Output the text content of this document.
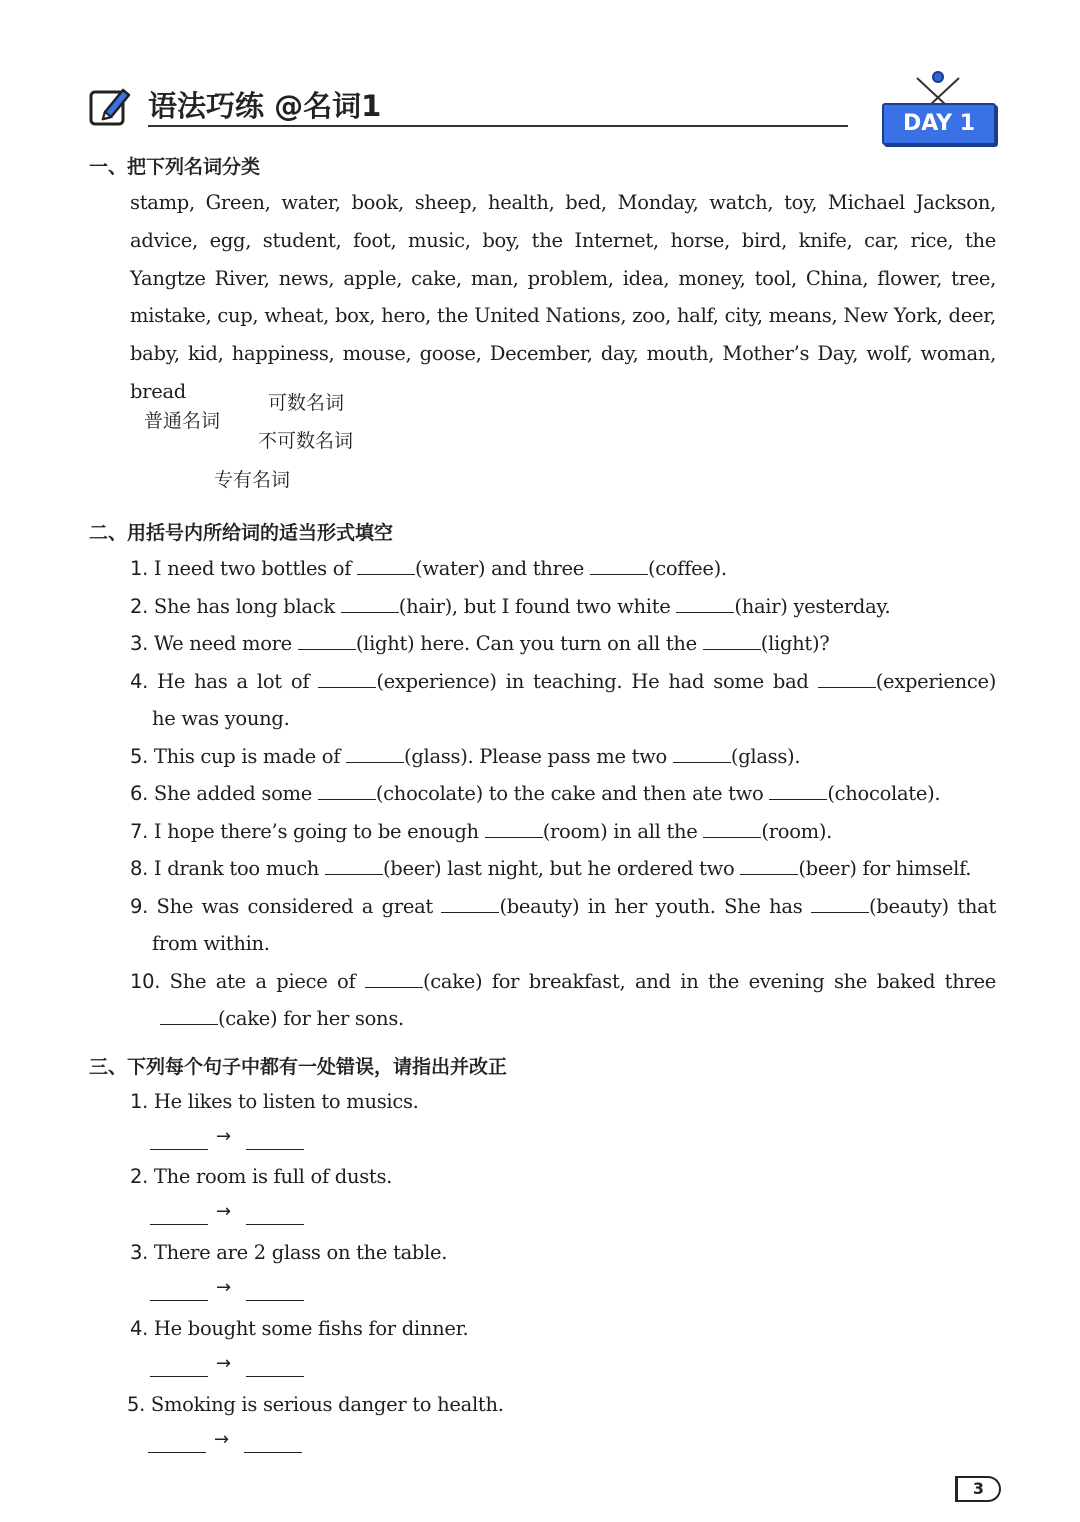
语法巧练 @名词1
DAY 1
一、把下列名词分类

stamp, Green, water, book, sheep, health, bed, Monday, watch, toy, Michael Jackson, advice, egg, student, foot, music, boy, the Internet, horse, bird, knife, car, rice, the Yangtze River, news, apple, cake, man, problem, idea, money, tool, China, flower, tree, mistake, cup, wheat, box, hero, the United Nations, zoo, half, city, means, New York, deer, baby, kid, happiness, mouse, goose, December, day, mouth, Mother’s Day, wolf, woman, bread

普通名词
可数名词
不可数名词
专有名词
二、用括号内所给词的适当形式填空

1. I need two bottles of	(water) and three	(coffee).

2. She has long black	(hair), but I found two white	(hair) yesterday.

3. We need more	(light) here. Can you turn on all the	(light)?

4. He has a lot of	(experience) in teaching. He had some bad	(experience)

he was young.

5. This cup is made of	(glass). Please pass me two	(glass).

6. She added some	(chocolate) to the cake and then ate two	(chocolate).

7. I hope there’s going to be enough	(room) in all the	(room).

8. I drank too much	(beer) last night, but he ordered two	(beer) for himself.

9. She was considered a great	(beauty) in her youth. She has	(beauty) that

from within.

10. She ate a piece of	(cake) for breakfast, and in the evening she baked three

(cake) for her sons.

三、下列每个句子中都有一处错误，请指出并改正

1. He likes to listen to musics.

→

2. The room is full of dusts.

→

3. There are 2 glass on the table.

→

4. He bought some fishs for dinner.

→

5. Smoking is serious danger to health.

→
3
